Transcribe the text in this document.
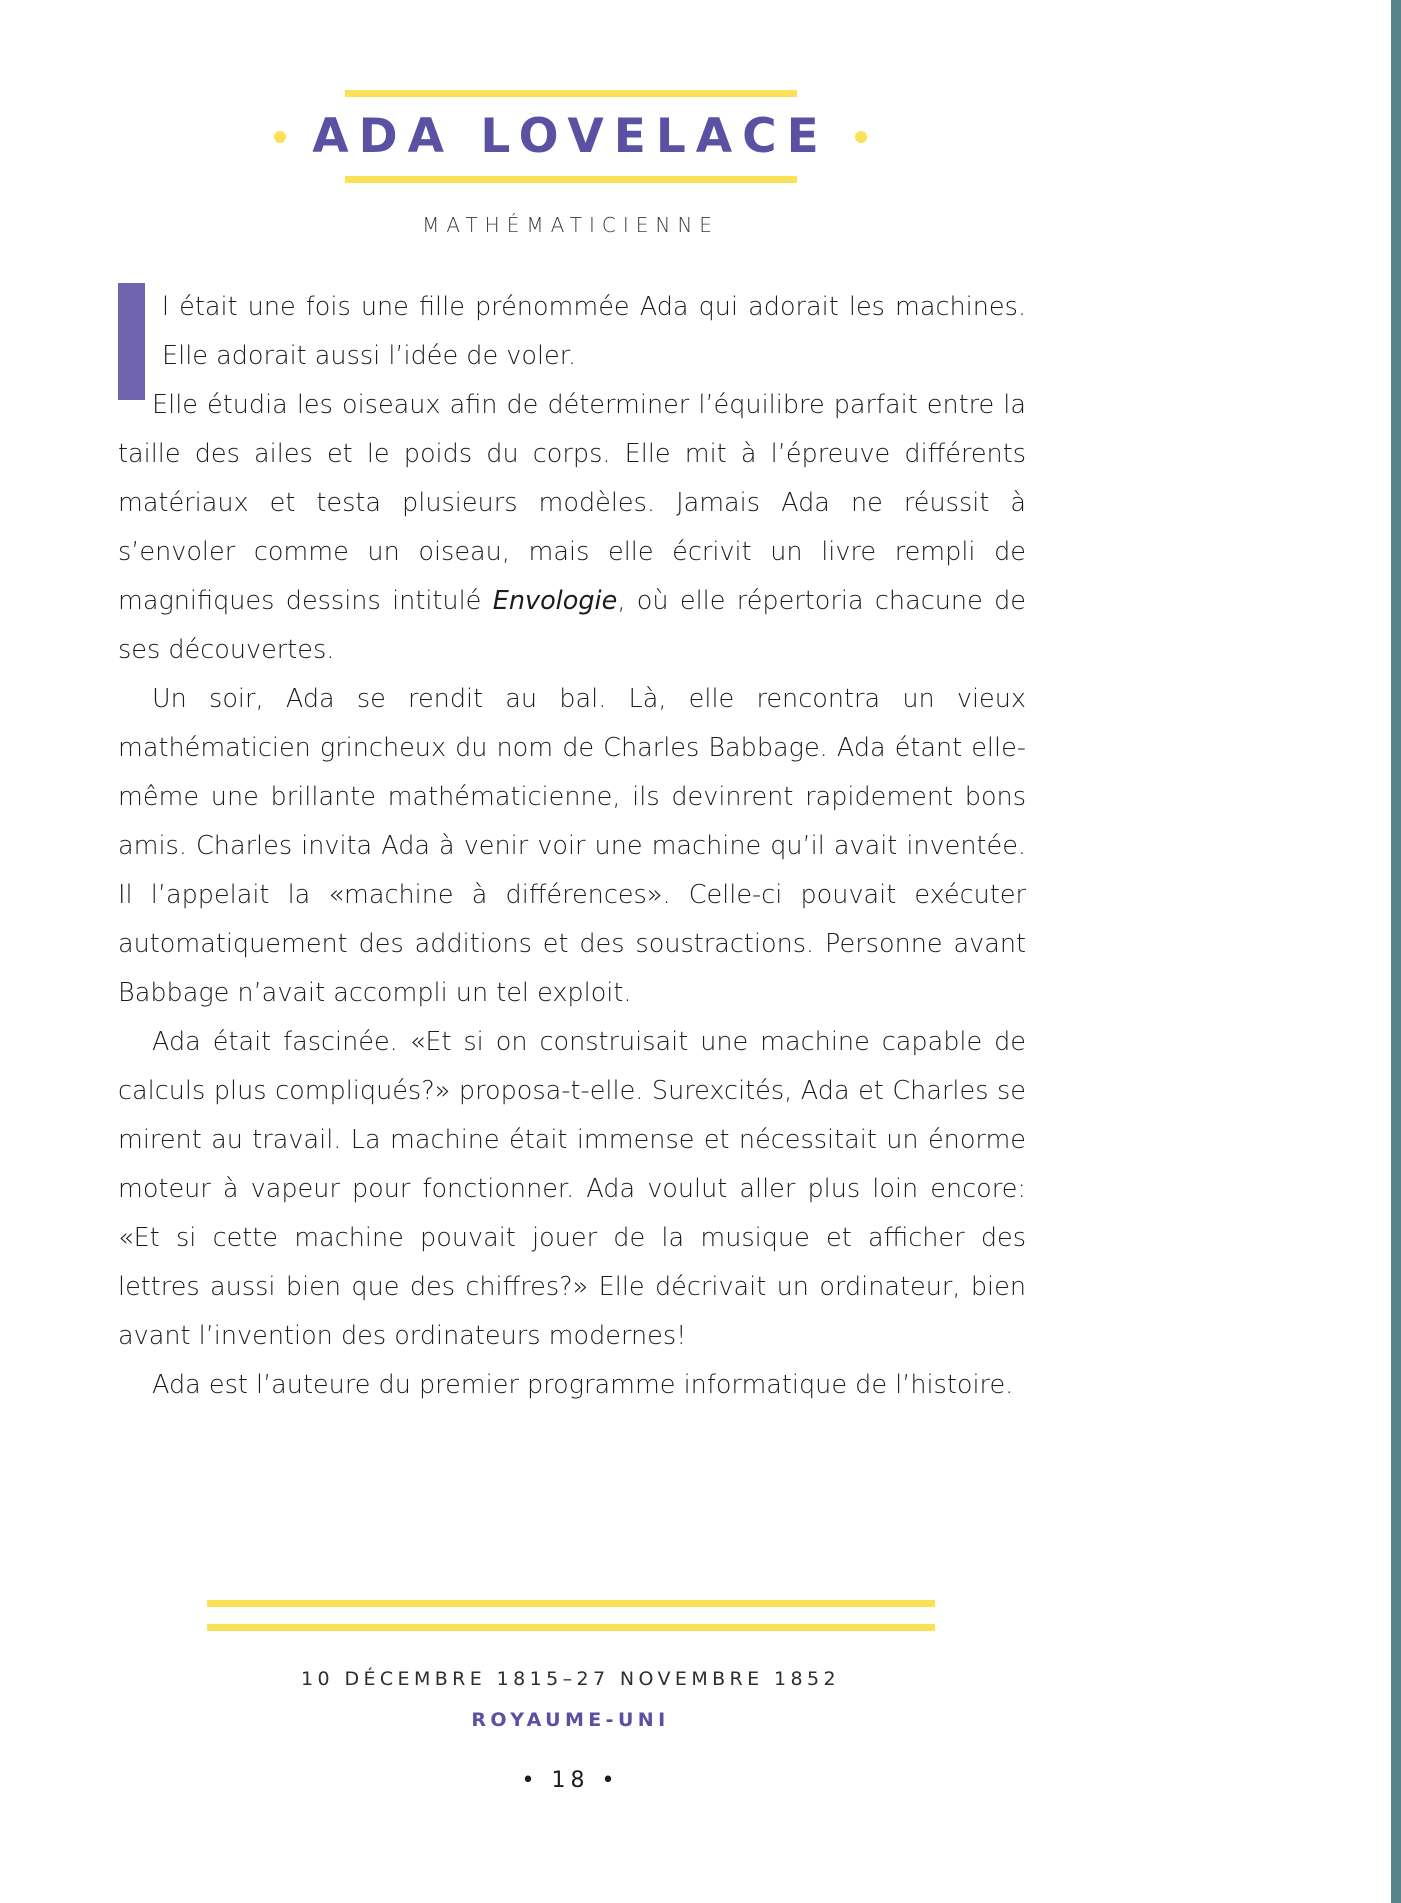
ADA LOVELACE
MATHÉMATICIENNE

l était une fois une fille prénommée Ada qui adorait les machines. Elle adorait aussi l’idée de voler.

Elle étudia les oiseaux afin de déterminer l’équilibre parfait entre la taille des ailes et le poids du corps. Elle mit à l’épreuve différents matériaux et testa plusieurs modèles. Jamais Ada ne réussit à s’envoler comme un oiseau, mais elle écrivit un livre rempli de magnifiques dessins intitulé Envologie, où elle répertoria chacune de ses découvertes.

Un soir, Ada se rendit au bal. Là, elle rencontra un vieux mathématicien grincheux du nom de Charles Babbage. Ada étant elle-même une brillante mathématicienne, ils devinrent rapidement bons amis. Charles invita Ada à venir voir une machine qu’il avait inventée. Il l’appelait la «machine à différences». Celle-ci pouvait exécuter automatiquement des additions et des soustractions. Personne avant Babbage n’avait accompli un tel exploit.

Ada était fascinée. «Et si on construisait une machine capable de calculs plus compliqués?» proposa-t-elle. Surexcités, Ada et Charles se mirent au travail. La machine était immense et nécessitait un énorme moteur à vapeur pour fonctionner. Ada voulut aller plus loin encore: «Et si cette machine pouvait jouer de la musique et afficher des lettres aussi bien que des chiffres?» Elle décrivait un ordinateur, bien avant l’invention des ordinateurs modernes!

Ada est l’auteure du premier programme informatique de l’histoire.

10 DÉCEMBRE 1815–27 NOVEMBRE 1852
ROYAUME-UNI
• 18 •
